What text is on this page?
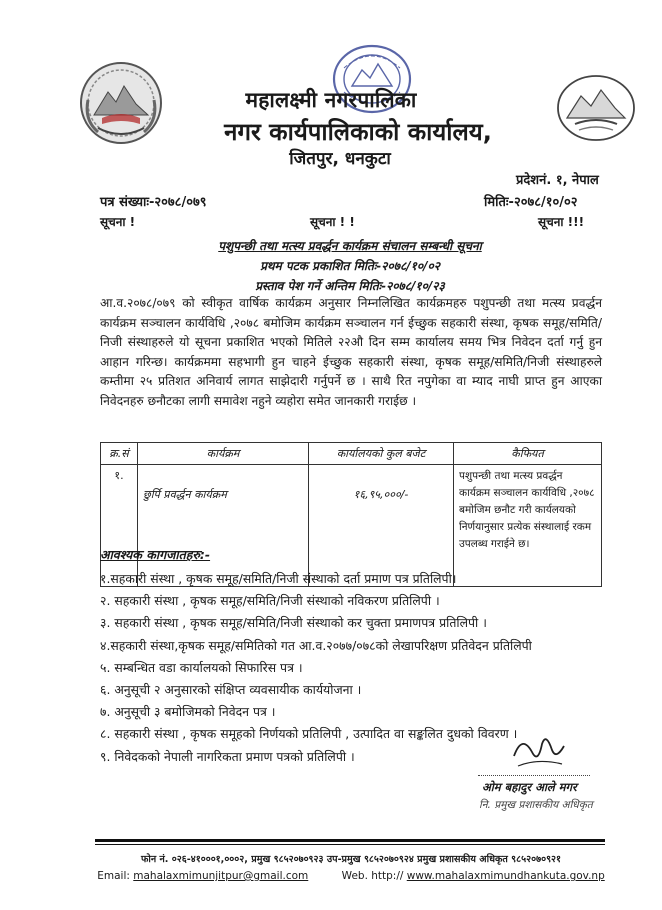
महालक्ष्मी नगरपालिका
नगर कार्यपालिकाको कार्यालय,
जितपुर, धनकुटा
प्रदेशनं. १, नेपाल
पत्र संख्याः-२०७८/०७९	मितिः-२०७८/१०/०२
सूचना !	सूचना ! !	सूचना !!!
पशुपन्छी तथा मत्स्य प्रवर्द्धन कार्यक्रम संचालन सम्बन्धी सूचना
प्रथम पटक प्रकाशित मितिः-२०७८/१०/०२
प्रस्ताव पेश गर्ने अन्तिम मितिः-२०७८/१०/२३
आ.व.२०७८/०७९ को स्वीकृत वार्षिक कार्यक्रम अनुसार निम्नलिखित कार्यक्रमहरु पशुपन्छी तथा मत्स्य प्रवर्द्धन कार्यक्रम सञ्चालन कार्यविधि ,२०७८ बमोजिम कार्यक्रम सञ्चालन गर्न ईच्छुक सहकारी संस्था, कृषक समूह/समिति/निजी संस्थाहरुले यो सूचना प्रकाशित भएको मितिले २२औ दिन सम्म कार्यालय समय भित्र निवेदन दर्ता गर्नु हुन आहान गरिन्छ। कार्यक्रममा सहभागी हुन चाहने ईच्छुक सहकारी संस्था, कृषक समूह/समिति/निजी संस्थाहरुले कम्तीमा २५ प्रतिशत अनिवार्य लागत साझेदारी गर्नुपर्ने छ । साथै रित नपुगेका वा म्याद नाघी प्राप्त हुन आएका निवेदनहरु छनौटका लागी समावेश नहुने व्यहोरा समेत जानकारी गराईछ ।
क्र.सं	कार्यक्रम	कार्यालयको कुल बजेट	कैफियत
१.	छुर्पि प्रवर्द्धन कार्यक्रम	१६,९५,०००/-	पशुपन्छी तथा मत्स्य प्रवर्द्धन कार्यक्रम सञ्चालन कार्यविधि ,२०७८ बमोजिम छनौट गरी कार्यलयको निर्णयानुसार प्रत्येक संस्थालाई रकम उपलब्ध गराईने छ।
आवश्यक कागजातहरु:-
१.सहकारी संस्था , कृषक समूह/समिति/निजी संस्थाको दर्ता प्रमाण पत्र प्रतिलिपी।
२. सहकारी संस्था , कृषक समूह/समिति/निजी संस्थाको नविकरण प्रतिलिपी ।
३. सहकारी संस्था , कृषक समूह/समिति/निजी संस्थाको कर चुक्ता प्रमाणपत्र प्रतिलिपी ।
४.सहकारी संस्था,कृषक समूह/समितिको गत आ.व.२०७७/०७८को लेखापरिक्षण प्रतिवेदन प्रतिलिपी
५. सम्बन्धित वडा कार्यालयको सिफारिस पत्र ।
६. अनुसूची २ अनुसारको संक्षिप्त व्यवसायीक कार्ययोजना ।
७. अनुसूची ३ बमोजिमको निवेदन पत्र ।
८. सहकारी संस्था , कृषक समूहको निर्णयको प्रतिलिपी , उत्पादित वा सङ्कलित दुधको विवरण ।
९. निवेदकको नेपाली नागरिकता प्रमाण पत्रको प्रतिलिपी ।
ओम बहादुर आले मगर
नि. प्रमुख प्रशासकीय अधिकृत
फोन नं. ०२६-४१०००१,०००२, प्रमुख ९८५२०७०९२३ उप-प्रमुख ९८५२०७०९२४ प्रमुख प्रशासकीय अधिकृत ९८५२०७०९२१
Email: mahalaxmimunjitpur@gmail.com	Web. http:// www.mahalaxmimundhankuta.gov.np
